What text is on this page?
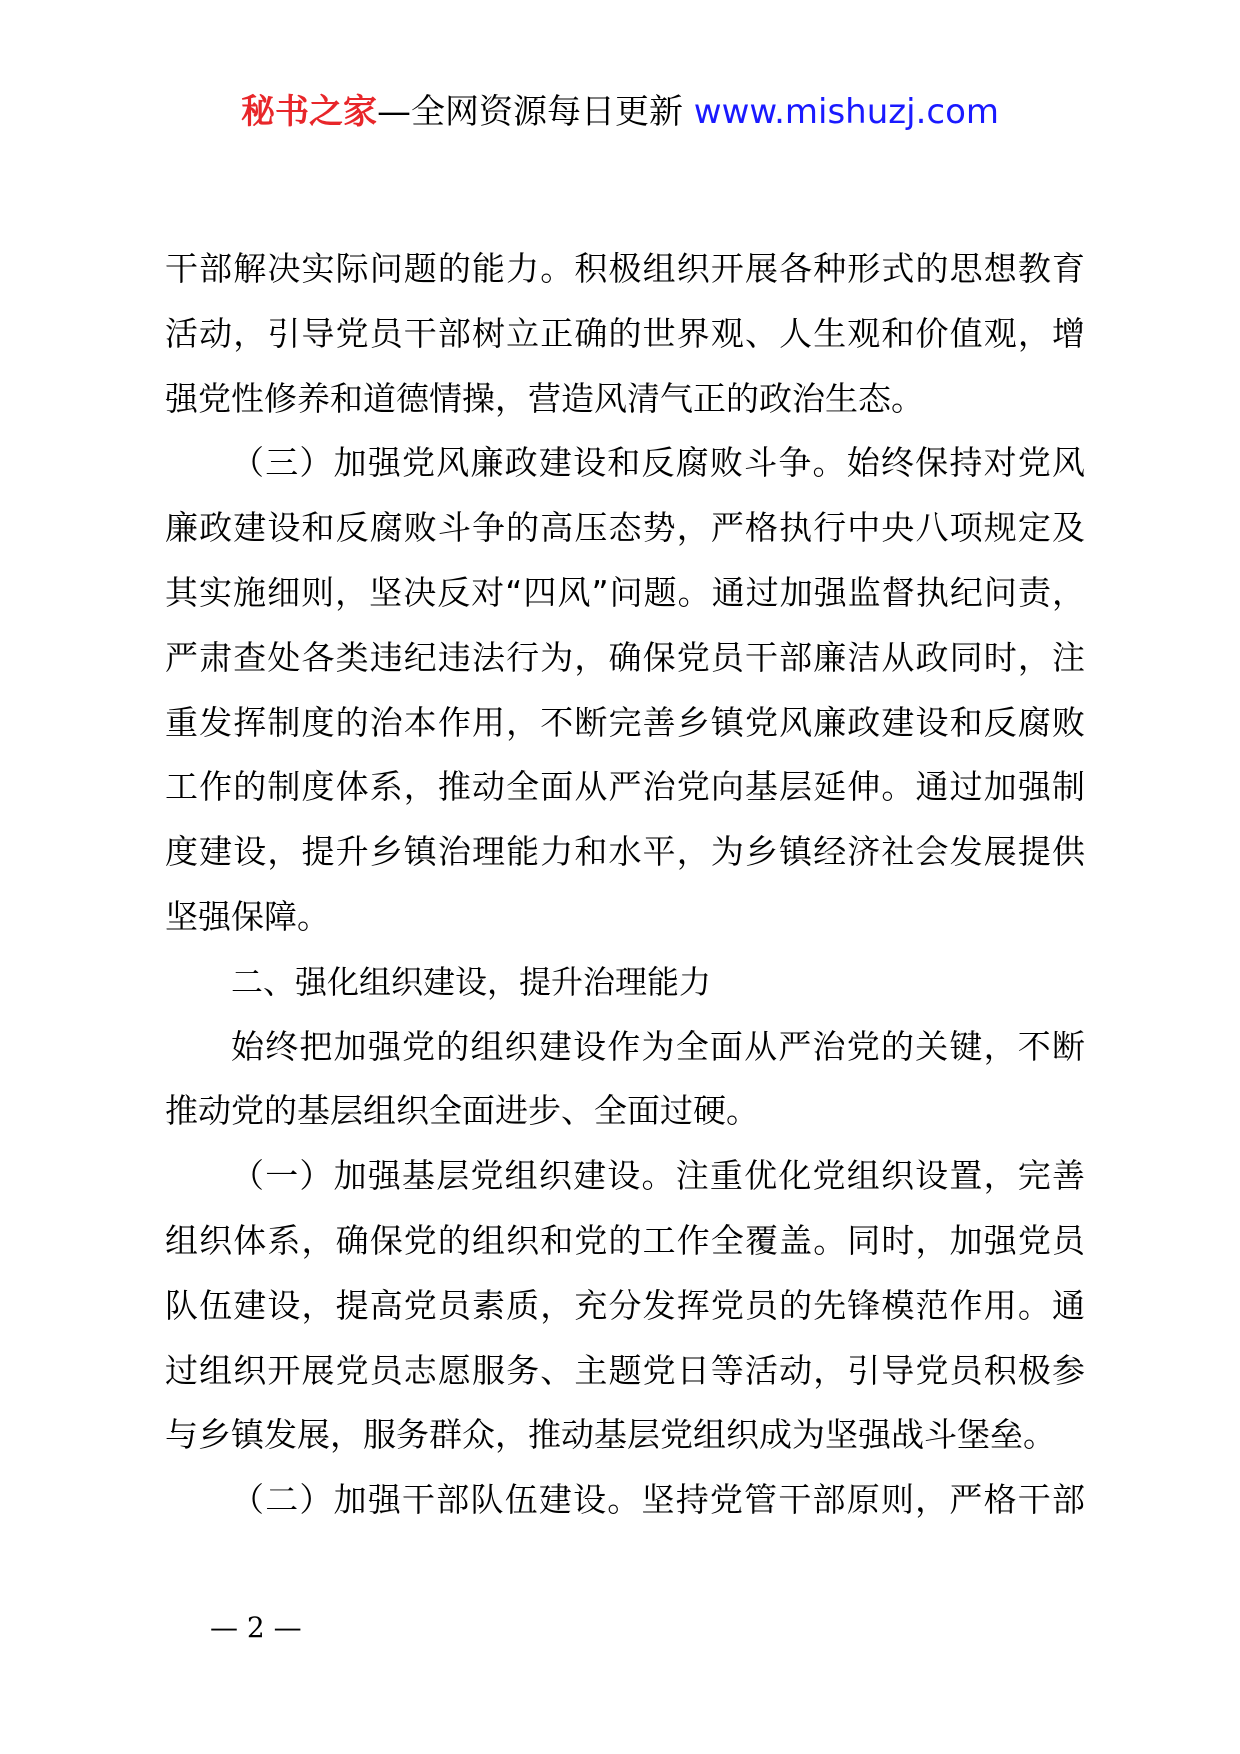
秘书之家—全网资源每日更新 www.mishuzj.com
干部解决实际问题的能力。积极组织开展各种形式的思想教育
活动，引导党员干部树立正确的世界观、人生观和价值观，增
强党性修养和道德情操，营造风清气正的政治生态。
（三）加强党风廉政建设和反腐败斗争。始终保持对党风
廉政建设和反腐败斗争的高压态势，严格执行中央八项规定及
其实施细则，坚决反对“四风”问题。通过加强监督执纪问责，
严肃查处各类违纪违法行为，确保党员干部廉洁从政同时，注
重发挥制度的治本作用，不断完善乡镇党风廉政建设和反腐败
工作的制度体系，推动全面从严治党向基层延伸。通过加强制
度建设，提升乡镇治理能力和水平，为乡镇经济社会发展提供
坚强保障。
二、强化组织建设，提升治理能力
始终把加强党的组织建设作为全面从严治党的关键，不断
推动党的基层组织全面进步、全面过硬。
（一）加强基层党组织建设。注重优化党组织设置，完善
组织体系，确保党的组织和党的工作全覆盖。同时，加强党员
队伍建设，提高党员素质，充分发挥党员的先锋模范作用。通
过组织开展党员志愿服务、主题党日等活动，引导党员积极参
与乡镇发展，服务群众，推动基层党组织成为坚强战斗堡垒。
（二）加强干部队伍建设。坚持党管干部原则，严格干部
— 2 —
